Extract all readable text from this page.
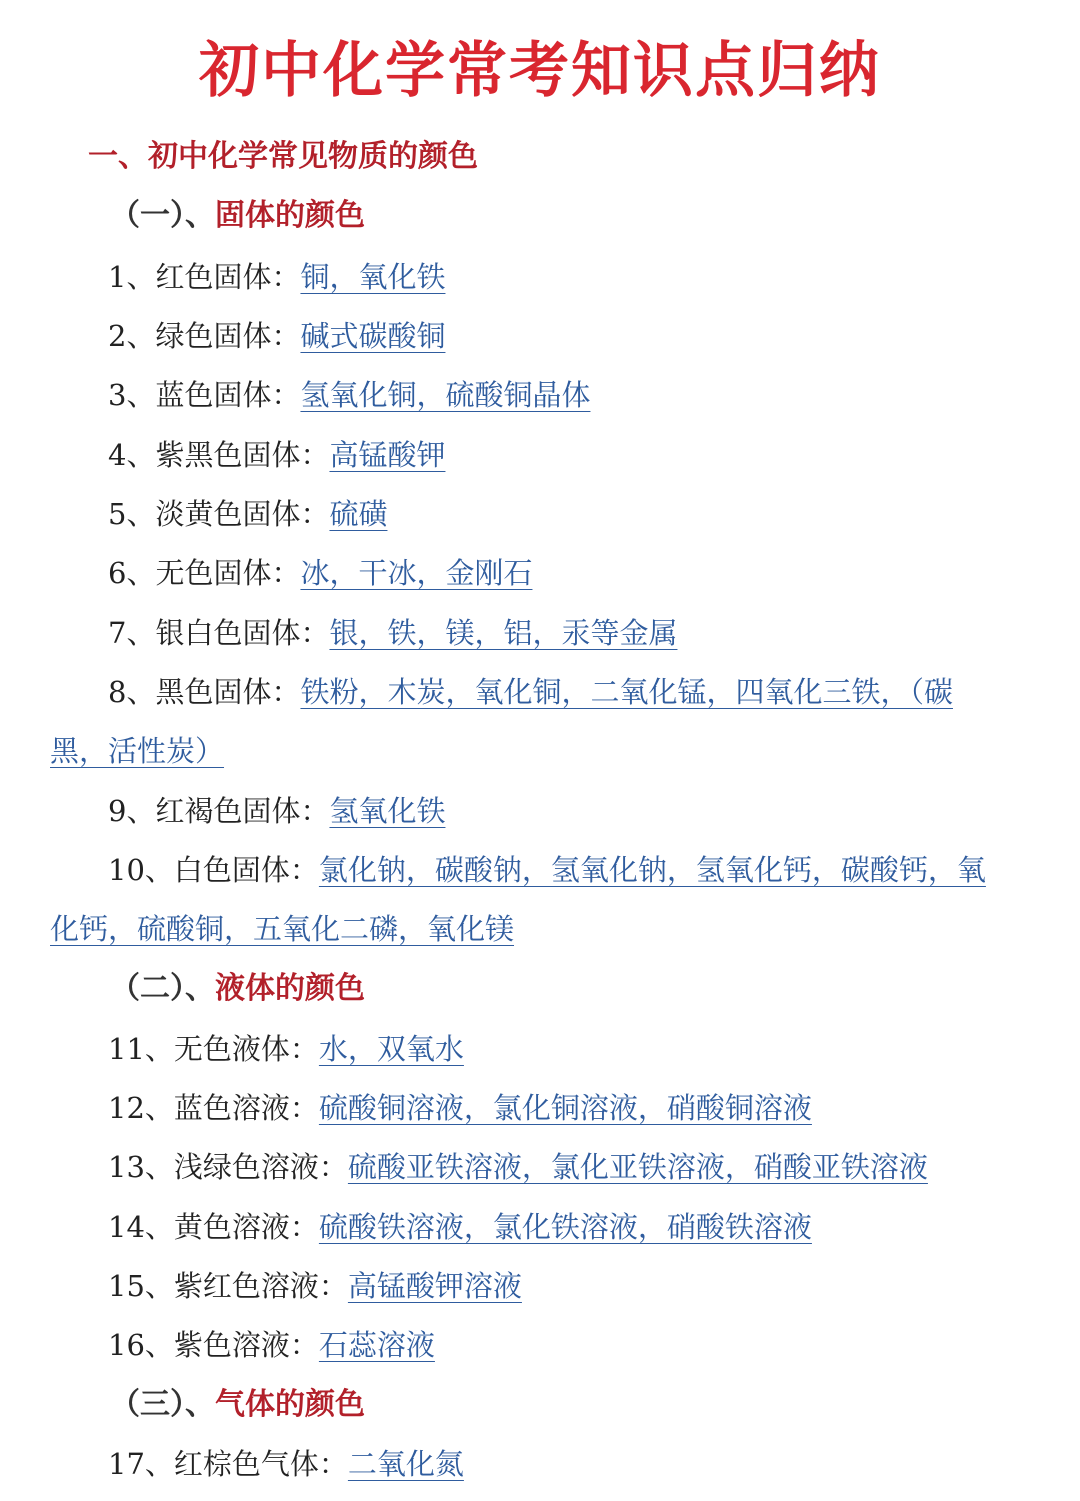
初中化学常考知识点归纳
一、初中化学常见物质的颜色
（一）、固体的颜色
1、红色固体：铜，氧化铁
2、绿色固体：碱式碳酸铜
3、蓝色固体：氢氧化铜，硫酸铜晶体
4、紫黑色固体：高锰酸钾
5、淡黄色固体：硫磺
6、无色固体：冰，干冰，金刚石
7、银白色固体：银，铁，镁，铝，汞等金属
8、黑色固体：铁粉，木炭，氧化铜，二氧化锰，四氧化三铁，（碳
黑，活性炭）
9、红褐色固体：氢氧化铁
10、白色固体：氯化钠，碳酸钠，氢氧化钠，氢氧化钙，碳酸钙，氧
化钙，硫酸铜，五氧化二磷，氧化镁
（二）、液体的颜色
11、无色液体：水，双氧水
12、蓝色溶液：硫酸铜溶液，氯化铜溶液，硝酸铜溶液
13、浅绿色溶液：硫酸亚铁溶液，氯化亚铁溶液，硝酸亚铁溶液
14、黄色溶液：硫酸铁溶液，氯化铁溶液，硝酸铁溶液
15、紫红色溶液：高锰酸钾溶液
16、紫色溶液：石蕊溶液
（三）、气体的颜色
17、红棕色气体：二氧化氮
